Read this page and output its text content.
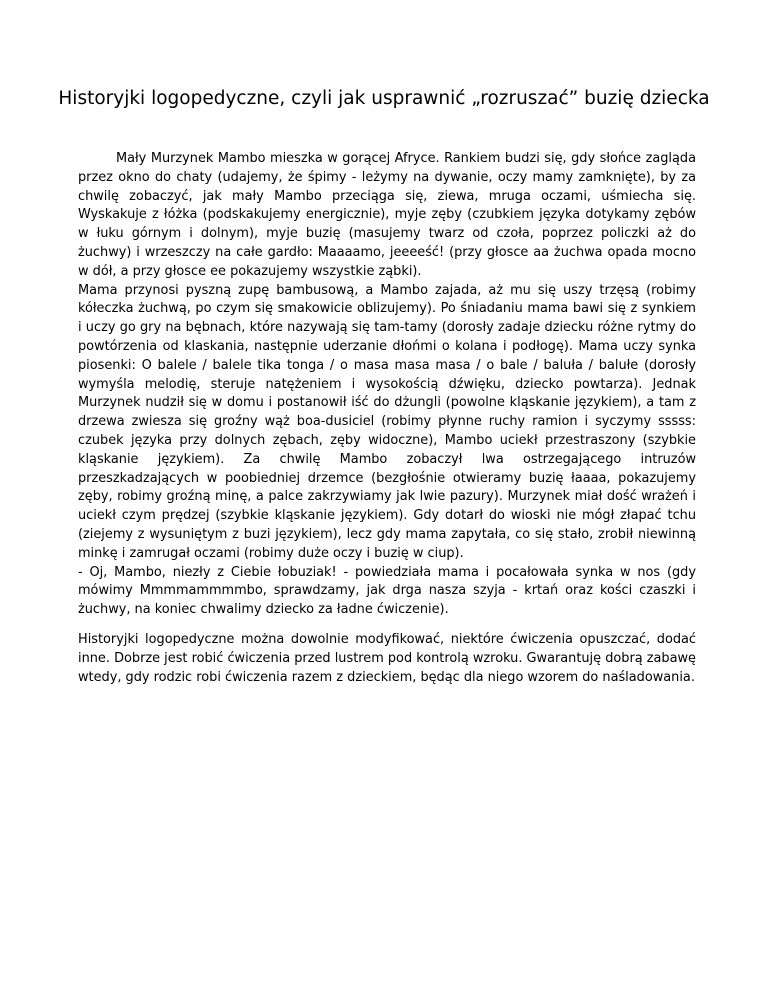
Historyjki logopedyczne, czyli jak usprawnić „rozruszać” buzię dziecka

Mały Murzynek Mambo mieszka w gorącej Afryce. Rankiem budzi się, gdy słońce zagląda przez okno do chaty (udajemy, że śpimy - leżymy na dywanie, oczy mamy zamknięte), by za chwilę zobaczyć, jak mały Mambo przeciąga się, ziewa, mruga oczami, uśmiecha się. Wyskakuje z łóżka (podskakujemy energicznie), myje zęby (czubkiem języka dotykamy zębów w łuku górnym i dolnym), myje buzię (masujemy twarz od czoła, poprzez policzki aż do żuchwy) i wrzeszczy na całe gardło: Maaaamo, jeeeeść! (przy głosce aa żuchwa opada mocno w dół, a przy głosce ee pokazujemy wszystkie ząbki).

Mama przynosi pyszną zupę bambusową, a Mambo zajada, aż mu się uszy trzęsą (robimy kółeczka żuchwą, po czym się smakowicie oblizujemy). Po śniadaniu mama bawi się z synkiem i uczy go gry na bębnach, które nazywają się tam-tamy (dorosły zadaje dziecku różne rytmy do powtórzenia od klaskania, następnie uderzanie dłońmi o kolana i podłogę). Mama uczy synka piosenki: O balele / balele tika tonga / o masa masa masa / o bale / baluła / balułe (dorosły wymyśla melodię, steruje natężeniem i wysokością dźwięku, dziecko powtarza). Jednak Murzynek nudził się w domu i postanowił iść do dżungli (powolne kląskanie językiem), a tam z drzewa zwiesza się groźny wąż boa-dusiciel (robimy płynne ruchy ramion i syczymy sssss: czubek języka przy dolnych zębach, zęby widoczne), Mambo uciekł przestraszony (szybkie kląskanie językiem). Za chwilę Mambo zobaczył lwa ostrzegającego intruzów przeszkadzających w poobiedniej drzemce (bezgłośnie otwieramy buzię łaaaa, pokazujemy zęby, robimy groźną minę, a palce zakrzywiamy jak lwie pazury). Murzynek miał dość wrażeń i uciekł czym prędzej (szybkie kląskanie językiem). Gdy dotarł do wioski nie mógł złapać tchu (ziejemy z wysuniętym z buzi językiem), lecz gdy mama zapytała, co się stało, zrobił niewinną minkę i zamrugał oczami (robimy duże oczy i buzię w ciup).

- Oj, Mambo, niezły z Ciebie łobuziak! - powiedziała mama i pocałowała synka w nos (gdy mówimy Mmmmammmmbo, sprawdzamy, jak drga nasza szyja - krtań oraz kości czaszki i żuchwy, na koniec chwalimy dziecko za ładne ćwiczenie).

Historyjki logopedyczne można dowolnie modyfikować, niektóre ćwiczenia opuszczać, dodać inne. Dobrze jest robić ćwiczenia przed lustrem pod kontrolą wzroku. Gwarantuję dobrą zabawę wtedy, gdy rodzic robi ćwiczenia razem z dzieckiem, będąc dla niego wzorem do naśladowania.
